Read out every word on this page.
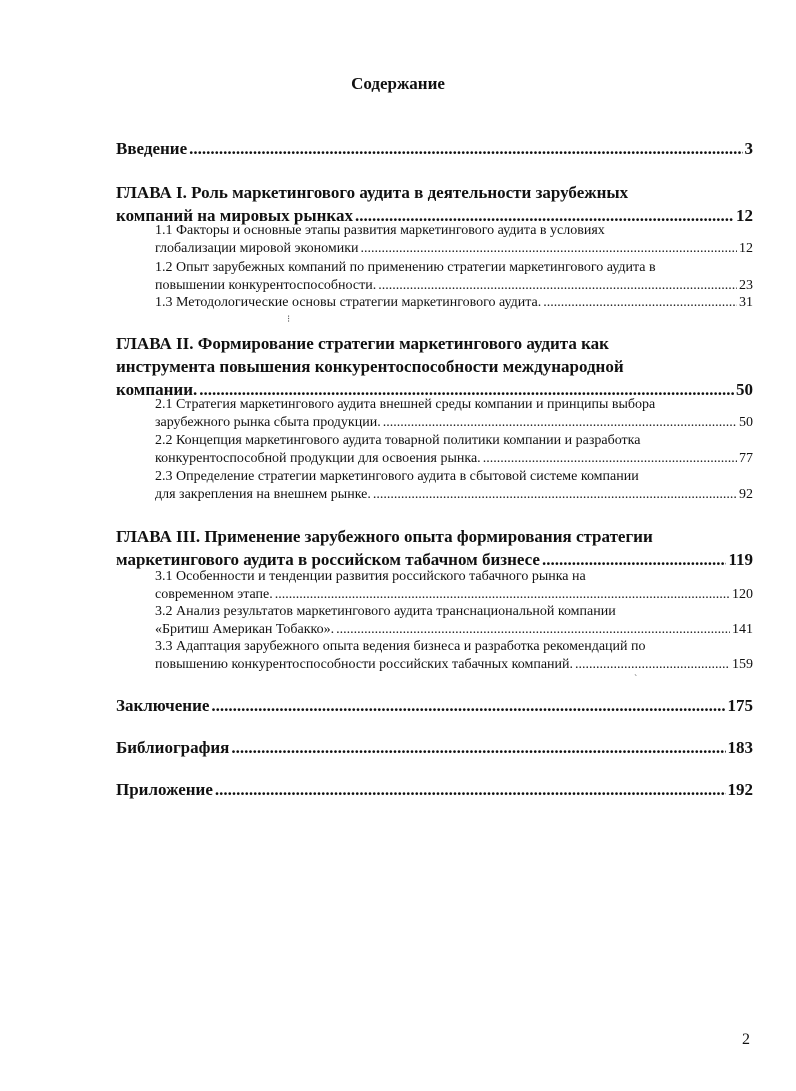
Содержание
Введение .....	3
ГЛАВА I. Роль маркетингового аудита в деятельности зарубежных
компаний на мировых рынках .....	12
1.1 Факторы и основные этапы развития маркетингового аудита в условиях
глобализации мировой экономики .....	12
1.2 Опыт зарубежных компаний по применению стратегии маркетингового аудита в
повышении конкурентоспособности. .....	23
1.3 Методологические основы стратегии маркетингового аудита. .....	31
⁝
ГЛАВА II. Формирование стратегии маркетингового аудита как
инструмента повышения конкурентоспособности международной
компании. .....	50
2.1 Стратегия маркетингового аудита внешней среды компании и принципы выбора
зарубежного рынка сбыта продукции. .....	50
2.2 Концепция маркетингового аудита товарной политики компании и разработка
конкурентоспособной продукции для освоения рынка. .....	77
2.3 Определение стратегии маркетингового аудита в сбытовой системе компании
для закрепления на внешнем рынке. .....	92
ГЛАВА III. Применение зарубежного опыта формирования стратегии
маркетингового аудита в российском табачном бизнесе .....	119
3.1 Особенности и тенденции развития российского табачного рынка на
современном этапе. .....	120
3.2 Анализ результатов маркетингового аудита транснациональной компании
«Бритиш Американ Тобакко». .....	141
3.3 Адаптация зарубежного опыта ведения бизнеса и разработка рекомендаций по
повышению конкурентоспособности российских табачных компаний. .....	159
`
Заключение .....	175
Библиография .....	183
Приложение .....	192
2
